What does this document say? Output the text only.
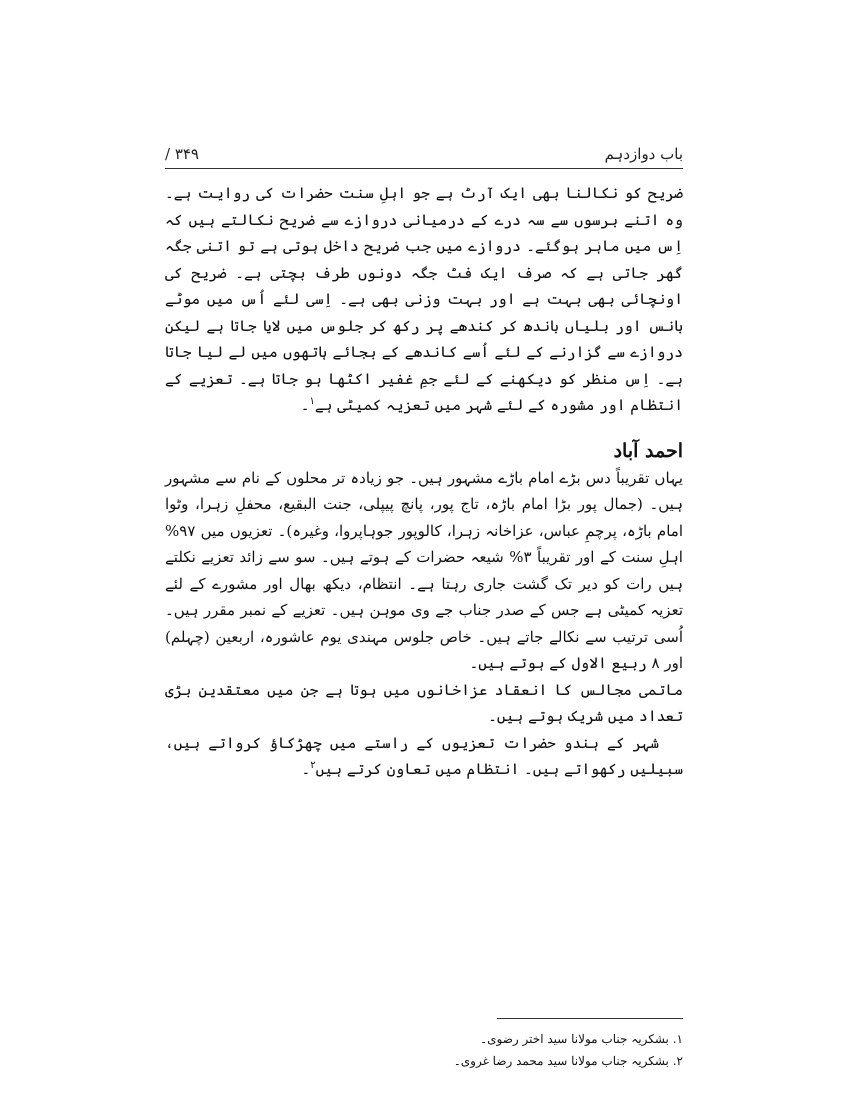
باب دوازدہم
/ ۳۴۹

ضریح کو نکالنا بھی ایک آرٹ ہے جو اہلِ سنت حضرات کی روایت ہے۔ وہ اتنے برسوں سے سہ درے کے درمیانی دروازے سے ضریح نکالتے ہیں کہ اِس میں ماہر ہوگئے۔ دروازے میں جب ضریح داخل ہوتی ہے تو اتنی جگہ گھر جاتی ہے کہ صرف ایک فٹ جگہ دونوں طرف بچتی ہے۔ ضریح کی اونچائی بھی بہت ہے اور بہت وزنی بھی ہے۔ اِسی لئے اُس میں موٹے بانس اور بلیاں باندھ کر کندھے پر رکھ کر جلوس میں لایا جاتا ہے لیکن دروازے سے گزارنے کے لئے اُسے کاندھے کے بجائے ہاتھوں میں لے لیا جاتا ہے۔ اِس منظر کو دیکھنے کے لئے جمِ غفیر اکٹھا ہو جاتا ہے۔ تعزیے کے انتظام اور مشورہ کے لئے شہر میں تعزیہ کمیٹی ہے$^۱$۔

احمد آباد

یہاں تقریباً دس بڑے امام باڑے مشہور ہیں۔ جو زیادہ تر محلوں کے نام سے مشہور ہیں۔ (جمال پور بڑا امام باڑہ، تاج پور، پانچ پیپلی، جنت البقیع، محفلِ زہرا، وٹوا امام باڑہ، پرچمِ عباس، عزاخانہ زہرا، کالوپور جوہاپروا، وغیرہ)۔ تعزیوں میں ۹۷% اہلِ سنت کے اور تقریباً ۳% شیعہ حضرات کے ہوتے ہیں۔ سو سے زائد تعزیے نکلتے ہیں رات کو دیر تک گشت جاری رہتا ہے۔ انتظام، دیکھ بھال اور مشورے کے لئے تعزیہ کمیٹی ہے جس کے صدر جناب جے وی موہن ہیں۔ تعزیے کے نمبر مقرر ہیں۔ اُسی ترتیب سے نکالے جاتے ہیں۔ خاص جلوس مہندی یوم عاشورہ، اربعین (چہلم) اور ۸ ربیع الاول کے ہوتے ہیں۔

ماتمی مجالس کا انعقاد عزاخانوں میں ہوتا ہے جن میں معتقدین بڑی تعداد میں شریک ہوتے ہیں۔

شہر کے ہندو حضرات تعزیوں کے راستے میں چھڑکاؤ کرواتے ہیں، سبیلیں رکھواتے ہیں۔ انتظام میں تعاون کرتے ہیں$^۲$۔

۱. بشکریہ جناب مولانا سید اختر رضوی۔

۲. بشکریہ جناب مولانا سید محمد رضا غروی۔
